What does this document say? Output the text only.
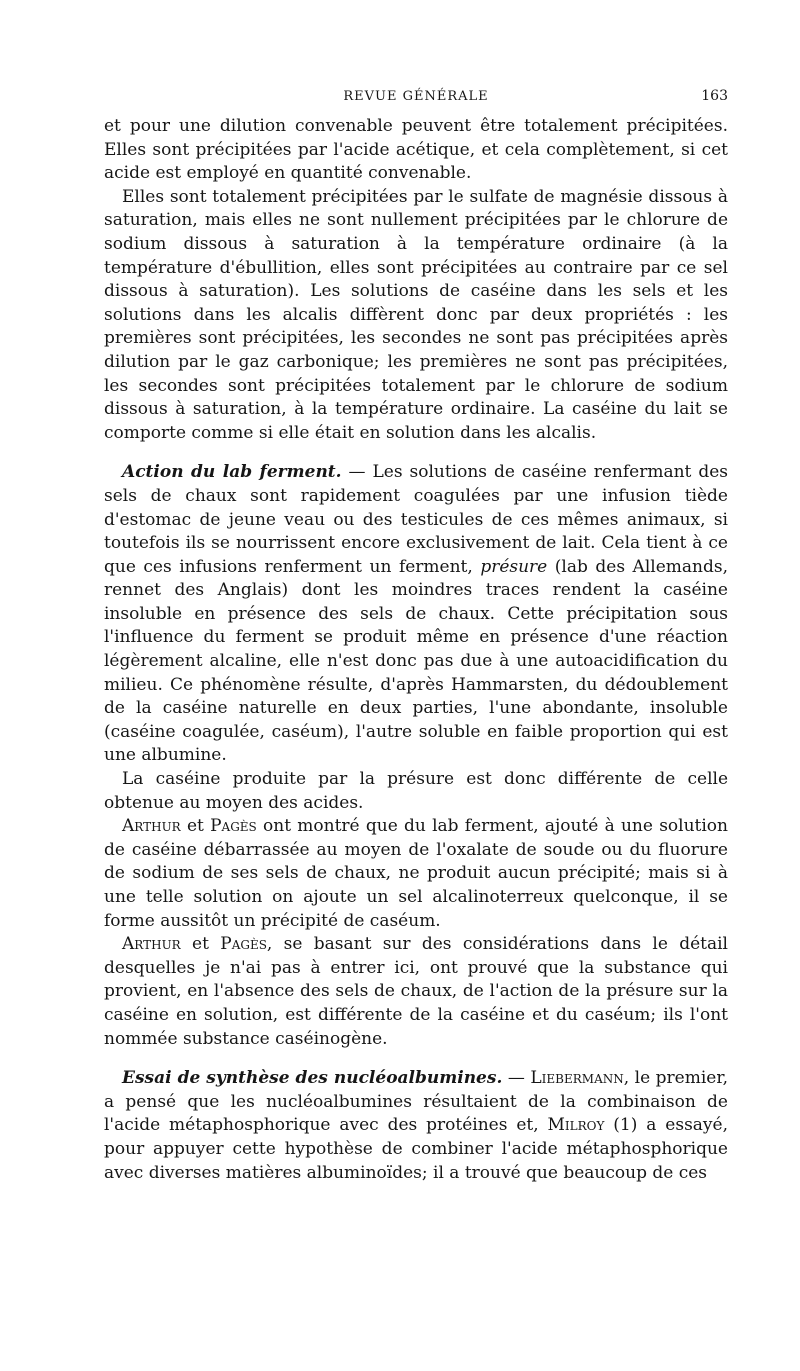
REVUE GÉNÉRALE	163

et pour une dilution convenable peuvent être totalement précipitées. Elles sont précipitées par l'acide acétique, et cela complètement, si cet acide est employé en quantité convenable.

Elles sont totalement précipitées par le sulfate de magnésie dissous à saturation, mais elles ne sont nullement précipitées par le chlorure de sodium dissous à saturation à la température ordinaire (à la température d'ébullition, elles sont précipitées au contraire par ce sel dissous à saturation). Les solutions de caséine dans les sels et les solutions dans les alcalis diffèrent donc par deux propriétés : les premières sont précipitées, les secondes ne sont pas précipitées après dilution par le gaz carbonique; les premières ne sont pas précipitées, les secondes sont précipitées totalement par le chlorure de sodium dissous à saturation, à la température ordinaire. La caséine du lait se comporte comme si elle était en solution dans les alcalis.

Action du lab ferment. — Les solutions de caséine renfermant des sels de chaux sont rapidement coagulées par une infusion tiède d'estomac de jeune veau ou des testicules de ces mêmes animaux, si toutefois ils se nourrissent encore exclusivement de lait. Cela tient à ce que ces infusions renferment un ferment, présure (lab des Allemands, rennet des Anglais) dont les moindres traces rendent la caséine insoluble en présence des sels de chaux. Cette précipitation sous l'influence du ferment se produit même en présence d'une réaction légèrement alcaline, elle n'est donc pas due à une autoacidification du milieu. Ce phénomène résulte, d'après Hammarsten, du dédoublement de la caséine naturelle en deux parties, l'une abondante, insoluble (caséine coagulée, caséum), l'autre soluble en faible proportion qui est une albumine.

La caséine produite par la présure est donc différente de celle obtenue au moyen des acides.

Arthur et Pagès ont montré que du lab ferment, ajouté à une solution de caséine débarrassée au moyen de l'oxalate de soude ou du fluorure de sodium de ses sels de chaux, ne produit aucun précipité; mais si à une telle solution on ajoute un sel alcalinoterreux quelconque, il se forme aussitôt un précipité de caséum.

Arthur et Pagès, se basant sur des considérations dans le détail desquelles je n'ai pas à entrer ici, ont prouvé que la substance qui provient, en l'absence des sels de chaux, de l'action de la présure sur la caséine en solution, est différente de la caséine et du caséum; ils l'ont nommée substance caséinogène.

Essai de synthèse des nucléoalbumines. — Liebermann, le premier, a pensé que les nucléoalbumines résultaient de la combinaison de l'acide métaphosphorique avec des protéines et, Milroy (1) a essayé, pour appuyer cette hypothèse de combiner l'acide métaphosphorique avec diverses matières albuminoïdes; il a trouvé que beaucoup de ces
